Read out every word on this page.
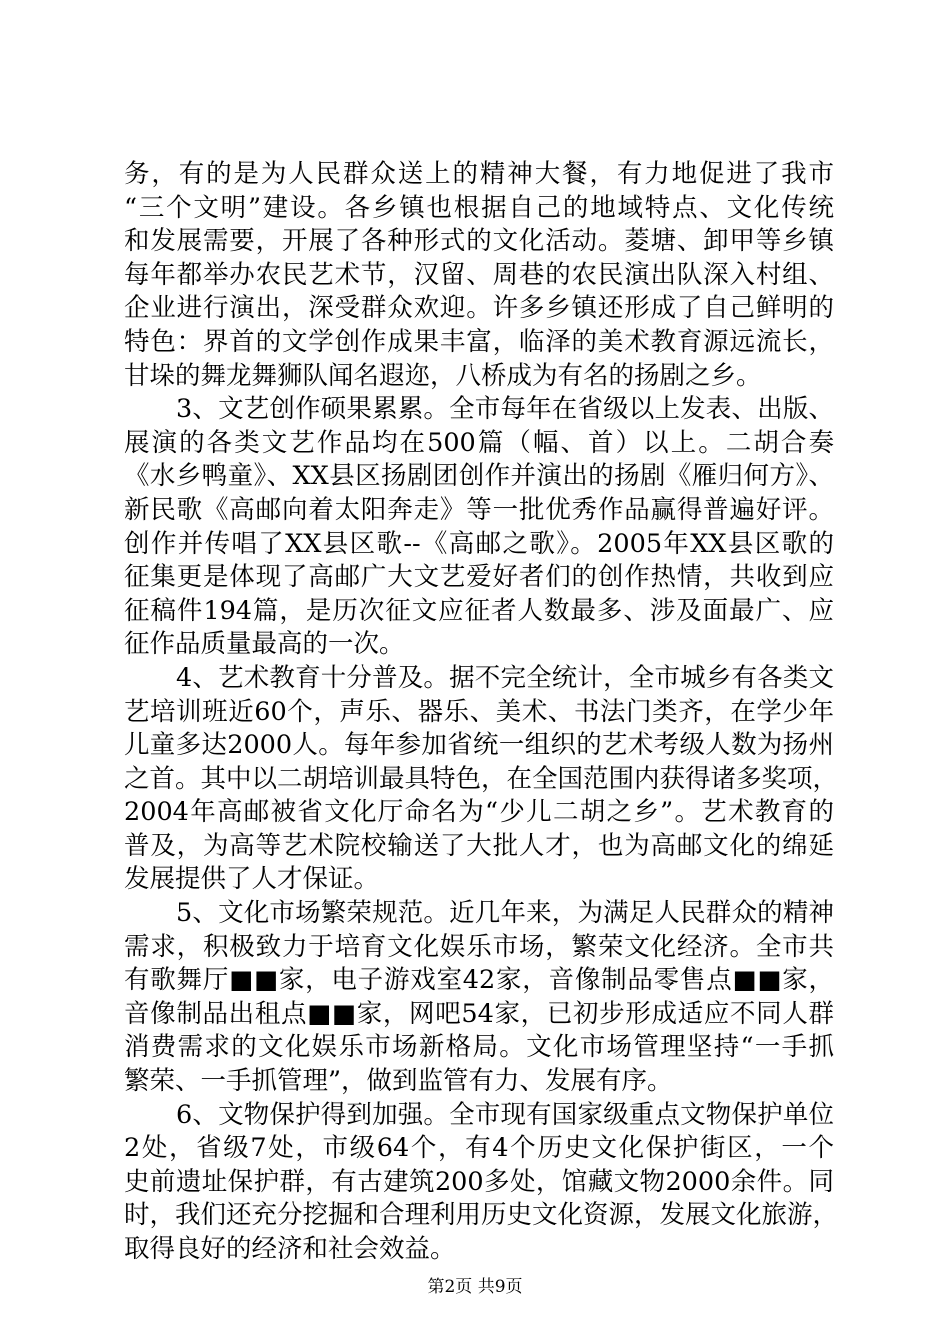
务，有的是为人民群众送上的精神大餐，有力地促进了我市
“三个文明”建设。各乡镇也根据自己的地域特点、文化传统
和发展需要，开展了各种形式的文化活动。菱塘、卸甲等乡镇
每年都举办农民艺术节，汉留、周巷的农民演出队深入村组、
企业进行演出，深受群众欢迎。许多乡镇还形成了自己鲜明的
特色：界首的文学创作成果丰富，临泽的美术教育源远流长，
甘垛的舞龙舞狮队闻名遐迩，八桥成为有名的扬剧之乡。
3、文艺创作硕果累累。全市每年在省级以上发表、出版、
展演的各类文艺作品均在500篇（幅、首）以上。二胡合奏
《水乡鸭童》、XX县区扬剧团创作并演出的扬剧《雁归何方》、
新民歌《高邮向着太阳奔走》等一批优秀作品赢得普遍好评。
创作并传唱了XX县区歌--《高邮之歌》。2005年XX县区歌的
征集更是体现了高邮广大文艺爱好者们的创作热情，共收到应
征稿件194篇，是历次征文应征者人数最多、涉及面最广、应
征作品质量最高的一次。
4、艺术教育十分普及。据不完全统计，全市城乡有各类文
艺培训班近60个，声乐、器乐、美术、书法门类齐，在学少年
儿童多达2000人。每年参加省统一组织的艺术考级人数为扬州
之首。其中以二胡培训最具特色，在全国范围内获得诸多奖项，
2004年高邮被省文化厅命名为“少儿二胡之乡”。艺术教育的
普及，为高等艺术院校输送了大批人才，也为高邮文化的绵延
发展提供了人才保证。
5、文化市场繁荣规范。近几年来，为满足人民群众的精神
需求，积极致力于培育文化娱乐市场，繁荣文化经济。全市共
有歌舞厅■■家，电子游戏室42家，音像制品零售点■■家，
音像制品出租点■■家，网吧54家，已初步形成适应不同人群
消费需求的文化娱乐市场新格局。文化市场管理坚持“一手抓
繁荣、一手抓管理”，做到监管有力、发展有序。
6、文物保护得到加强。全市现有国家级重点文物保护单位
2处，省级7处，市级64个，有4个历史文化保护街区，一个
史前遗址保护群，有古建筑200多处，馆藏文物2000余件。同
时，我们还充分挖掘和合理利用历史文化资源，发展文化旅游，
取得良好的经济和社会效益。
第2页 共9页
